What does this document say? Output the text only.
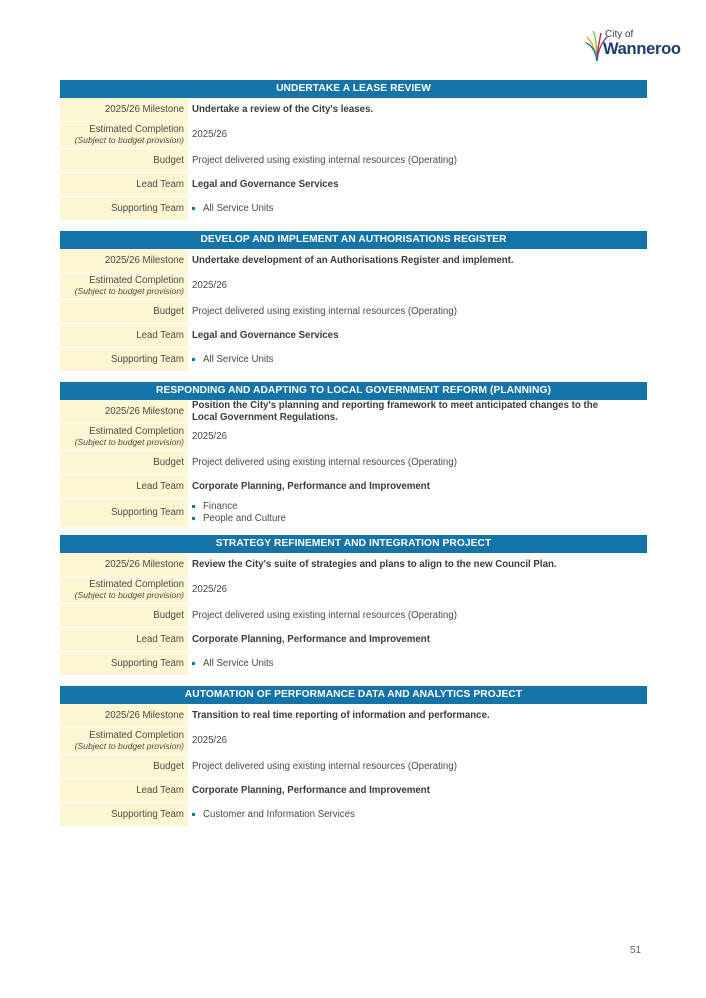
City of
Wanneroo
UNDERTAKE A LEASE REVIEW
2025/26 Milestone Undertake a review of the City's leases.
Estimated Completion
(Subject to budget provision) 2025/26
Budget Project delivered using existing internal resources (Operating)
Lead Team Legal and Governance Services
Supporting Team	All Service Units
DEVELOP AND IMPLEMENT AN AUTHORISATIONS REGISTER
2025/26 Milestone Undertake development of an Authorisations Register and implement.
Estimated Completion
(Subject to budget provision) 2025/26
Budget Project delivered using existing internal resources (Operating)
Lead Team Legal and Governance Services
Supporting Team	All Service Units
RESPONDING AND ADAPTING TO LOCAL GOVERNMENT REFORM (PLANNING)
2025/26 Milestone
Position the City's planning and reporting framework to meet anticipated changes to the Local Government Regulations.
Estimated Completion
(Subject to budget provision) 2025/26
Budget Project delivered using existing internal resources (Operating)
Lead Team Corporate Planning, Performance and Improvement
Supporting Team
Finance
People and Culture
STRATEGY REFINEMENT AND INTEGRATION PROJECT
2025/26 Milestone Review the City's suite of strategies and plans to align to the new Council Plan.
Estimated Completion
(Subject to budget provision) 2025/26
Budget Project delivered using existing internal resources (Operating)
Lead Team Corporate Planning, Performance and Improvement
Supporting Team	All Service Units
AUTOMATION OF PERFORMANCE DATA AND ANALYTICS PROJECT
2025/26 Milestone Transition to real time reporting of information and performance.
Estimated Completion
(Subject to budget provision) 2025/26
Budget Project delivered using existing internal resources (Operating)
Lead Team Corporate Planning, Performance and Improvement
Supporting Team	Customer and Information Services
51
